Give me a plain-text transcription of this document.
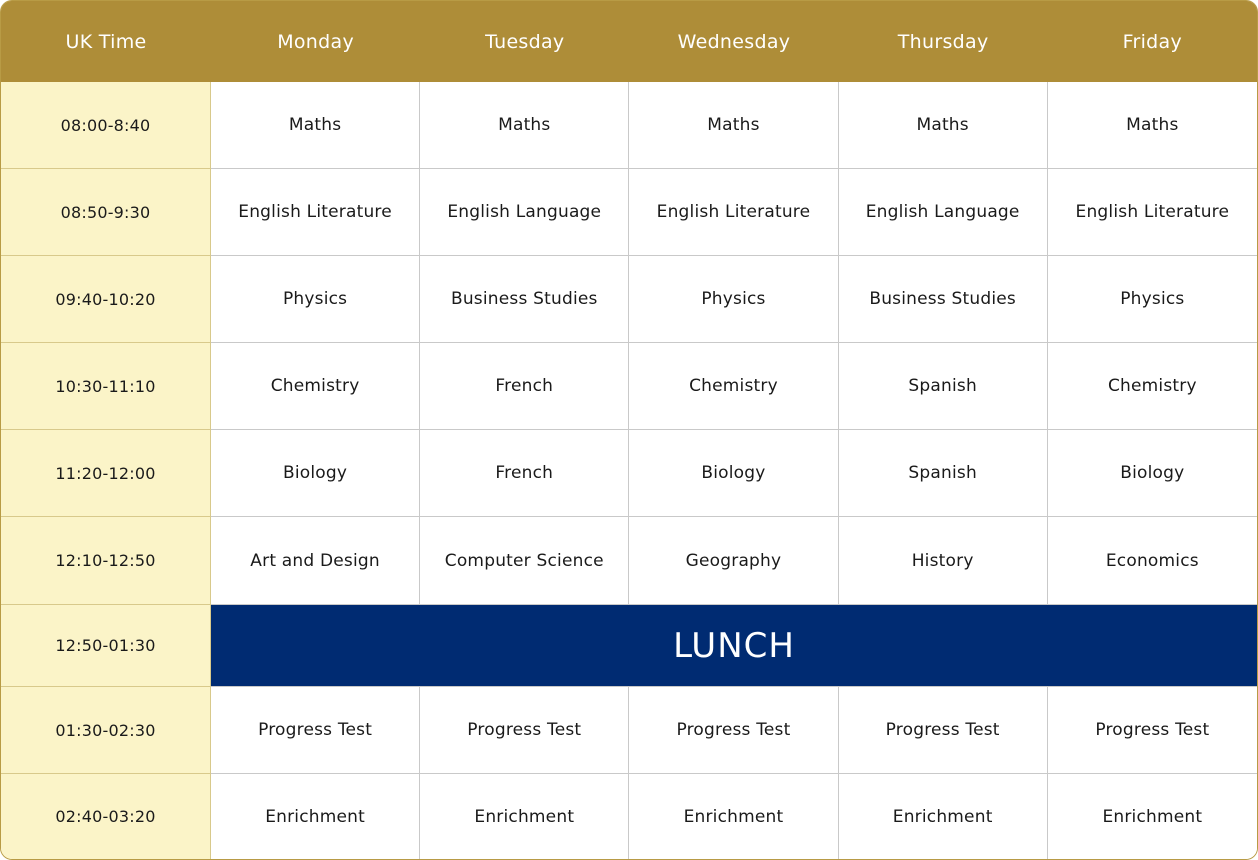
UK Time	Monday	Tuesday	Wednesday	Thursday	Friday
08:00-8:40	Maths	Maths	Maths	Maths	Maths
08:50-9:30	English Literature	English Language	English Literature	English Language	English Literature
09:40-10:20	Physics	Business Studies	Physics	Business Studies	Physics
10:30-11:10	Chemistry	French	Chemistry	Spanish	Chemistry
11:20-12:00	Biology	French	Biology	Spanish	Biology
12:10-12:50	Art and Design	Computer Science	Geography	History	Economics
12:50-01:30	LUNCH
01:30-02:30	Progress Test	Progress Test	Progress Test	Progress Test	Progress Test
02:40-03:20	Enrichment	Enrichment	Enrichment	Enrichment	Enrichment
